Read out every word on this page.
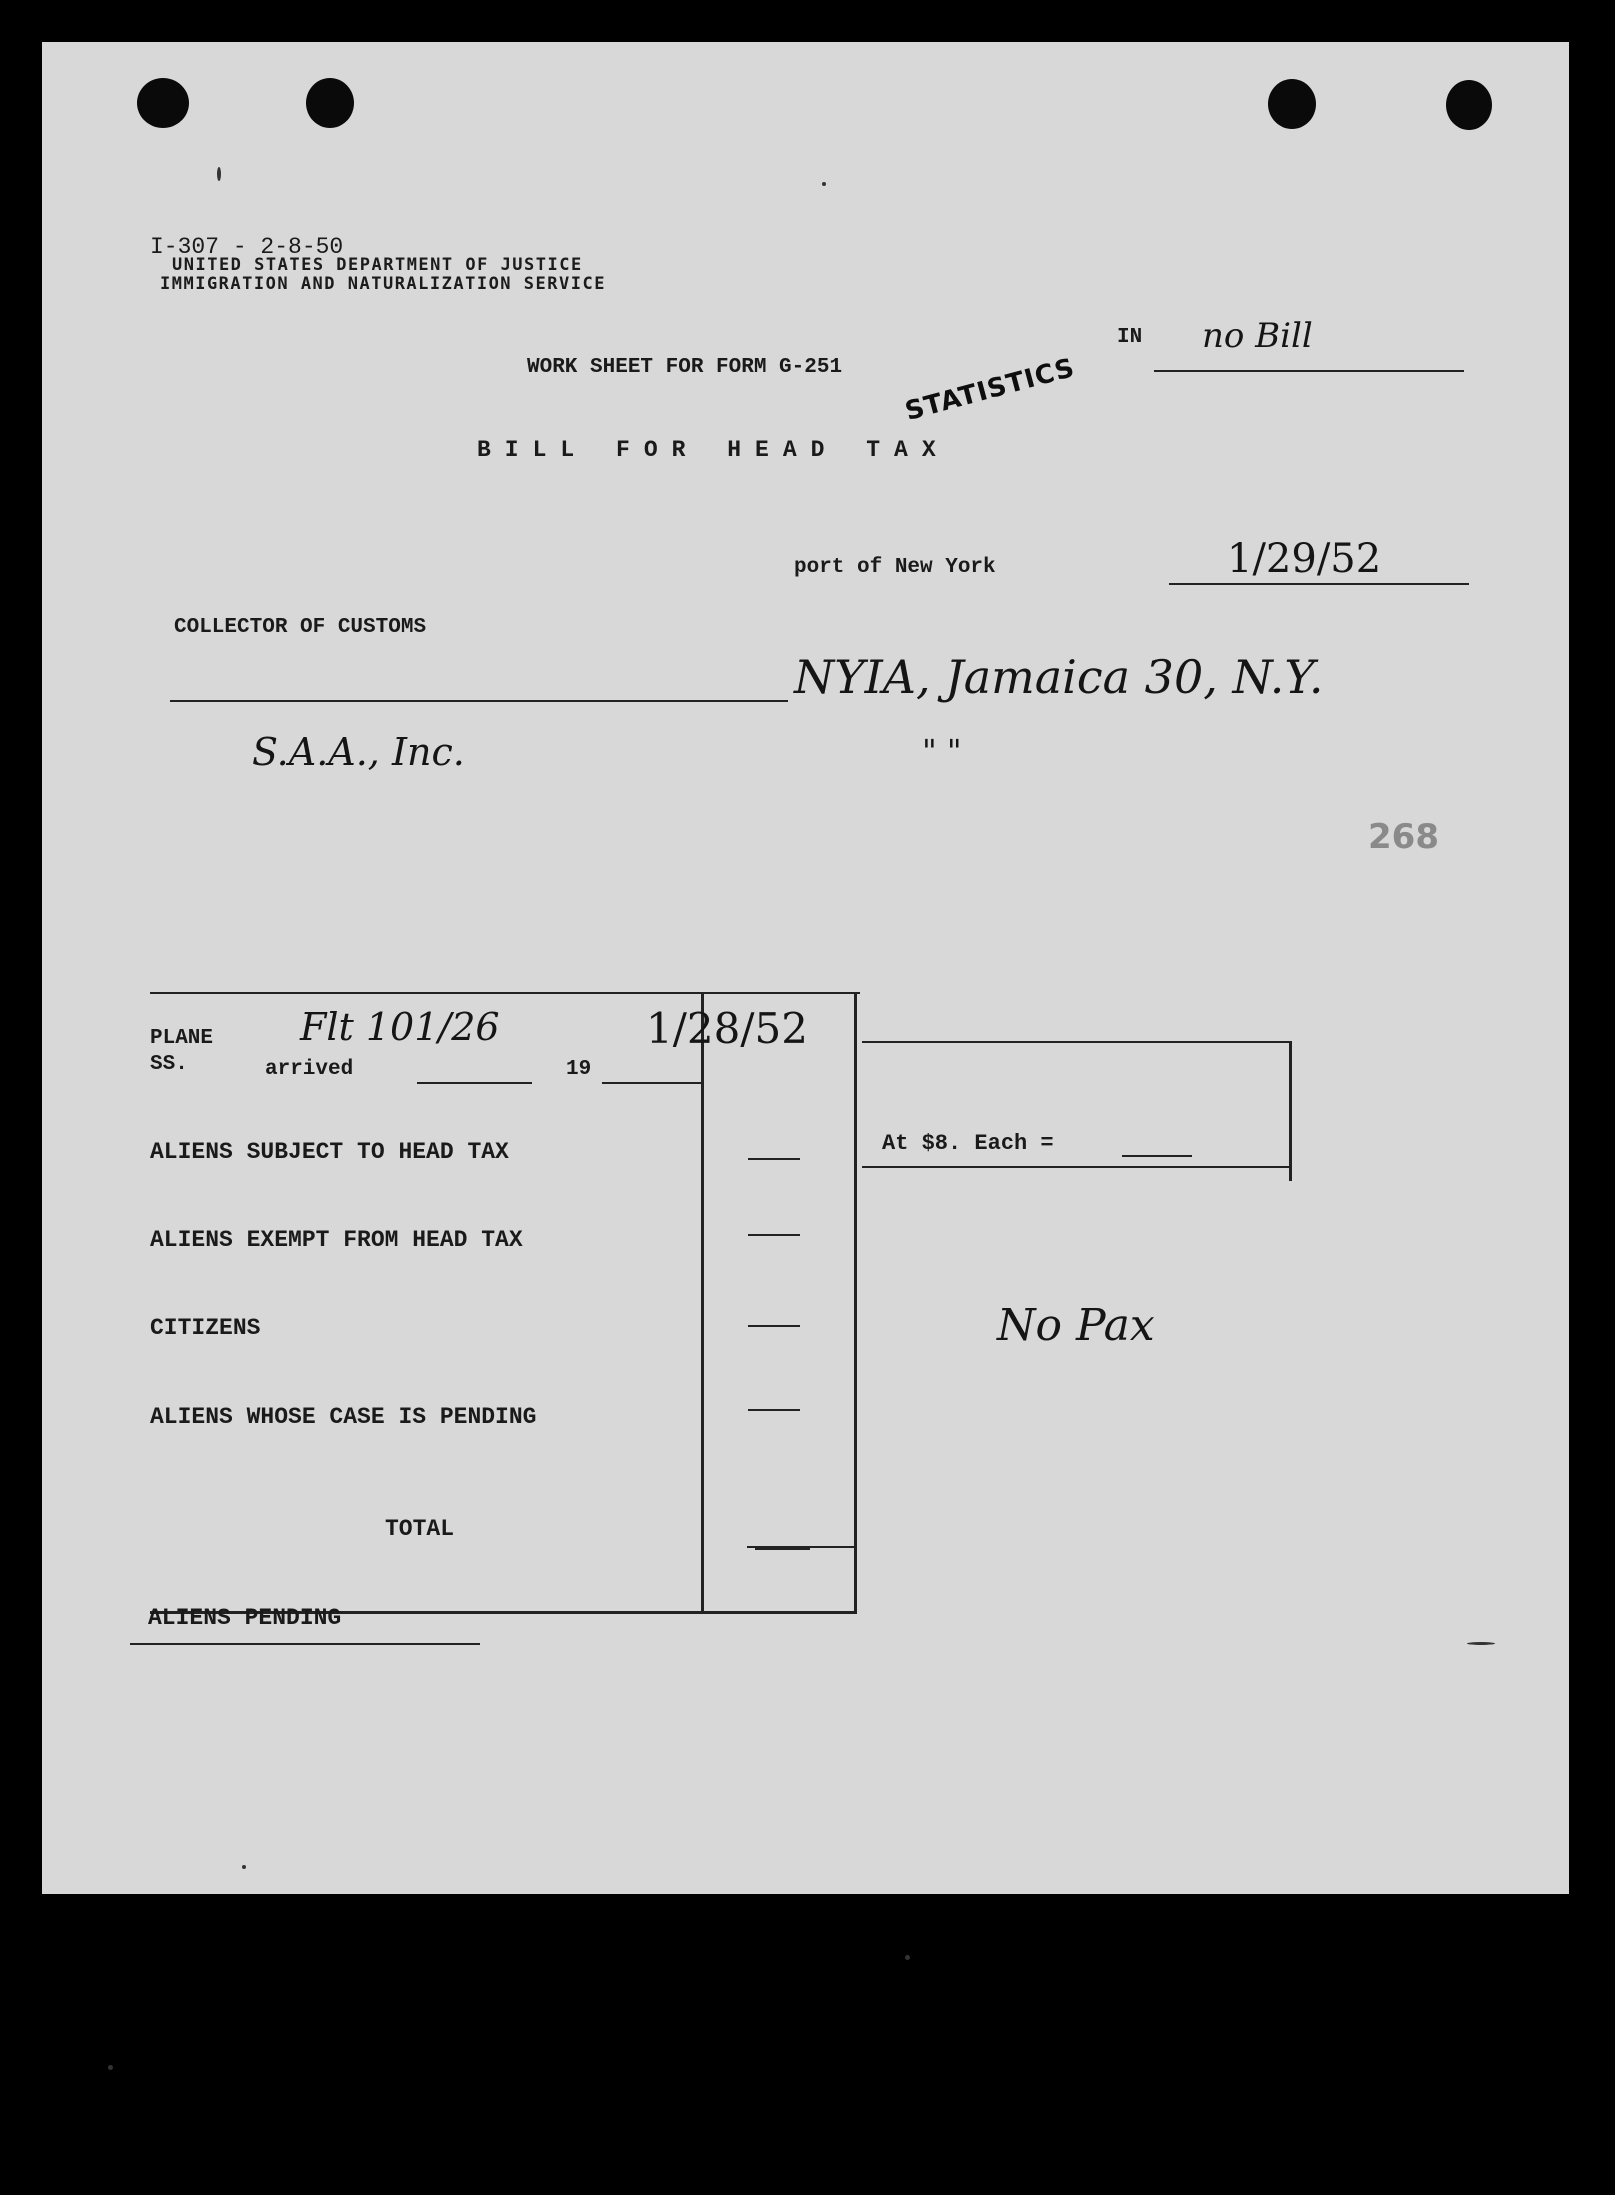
I-307 - 2-8-50
UNITED STATES DEPARTMENT OF JUSTICE
IMMIGRATION AND NATURALIZATION SERVICE
WORK SHEET FOR FORM G-251 STATISTICS
IN no Bill
BILL FOR HEAD TAX
port of New York	1/29/52
COLLECTOR OF CUSTOMS
NYIA, Jamaica 30, N.Y.
S.A.A., Inc.	" "
268
At $8. Each =
PLANE
SS.	arrived	19
Flt 101/26	1/28/52
ALIENS SUBJECT TO HEAD TAX
ALIENS EXEMPT FROM HEAD TAX
CITIZENS
ALIENS WHOSE CASE IS PENDING
TOTAL
No Pax
ALIENS PENDING
